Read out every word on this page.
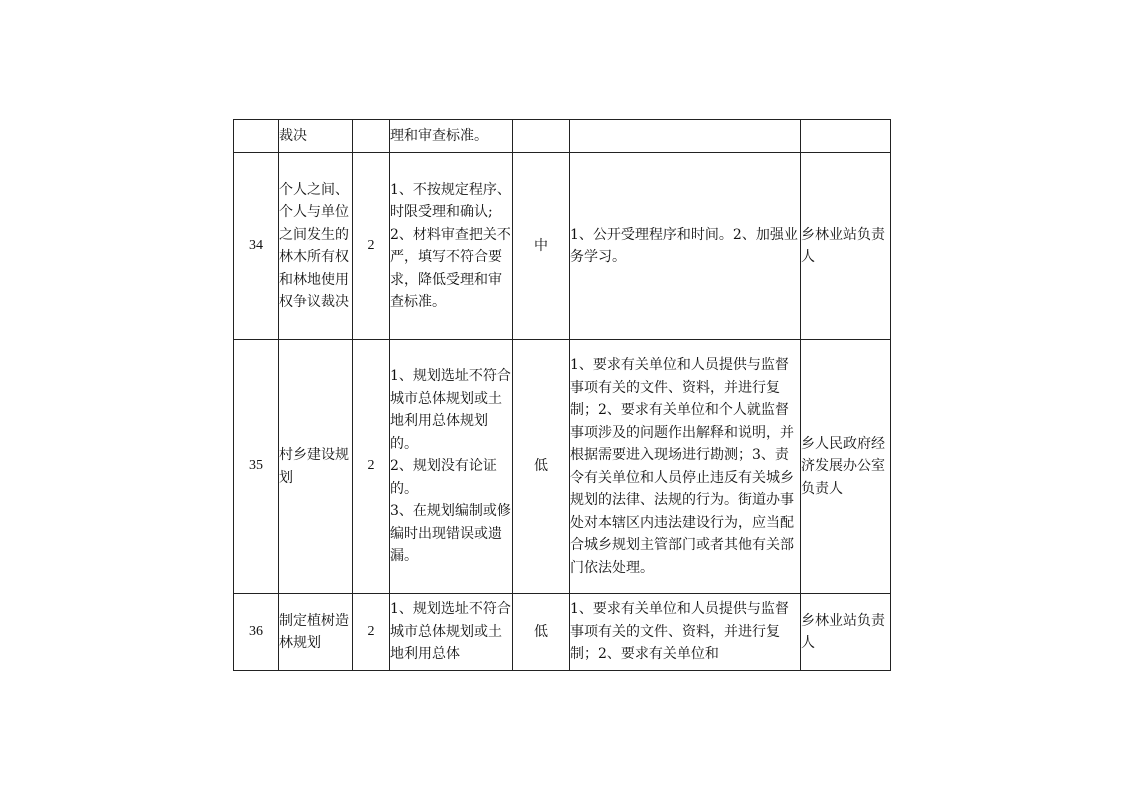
	裁决		理和审查标准。			

34	个人之间、个人与单位之间发生的林木所有权和林地使用权争议裁决	2	1、不按规定程序、时限受理和确认;
2、材料审查把关不严，填写不符合要求，降低受理和审查标准。	中	1、公开受理程序和时间。2、加强业务学习。	乡林业站负责人
35	村乡建设规划	2	1、规划选址不符合城市总体规划或土地利用总体规划的。
2、规划没有论证的。
3、在规划编制或修编时出现错误或遗漏。	低	1、要求有关单位和人员提供与监督事项有关的文件、资料，并进行复制；2、要求有关单位和个人就监督事项涉及的问题作出解释和说明，并根据需要进入现场进行勘测；3、责令有关单位和人员停止违反有关城乡规划的法律、法规的行为。街道办事处对本辖区内违法建设行为，应当配合城乡规划主管部门或者其他有关部门依法处理。	乡人民政府经济发展办公室负责人
36	制定植树造林规划	2	1、规划选址不符合城市总体规划或土地利用总体	低	1、要求有关单位和人员提供与监督事项有关的文件、资料，并进行复制；2、要求有关单位和	乡林业站负责人
